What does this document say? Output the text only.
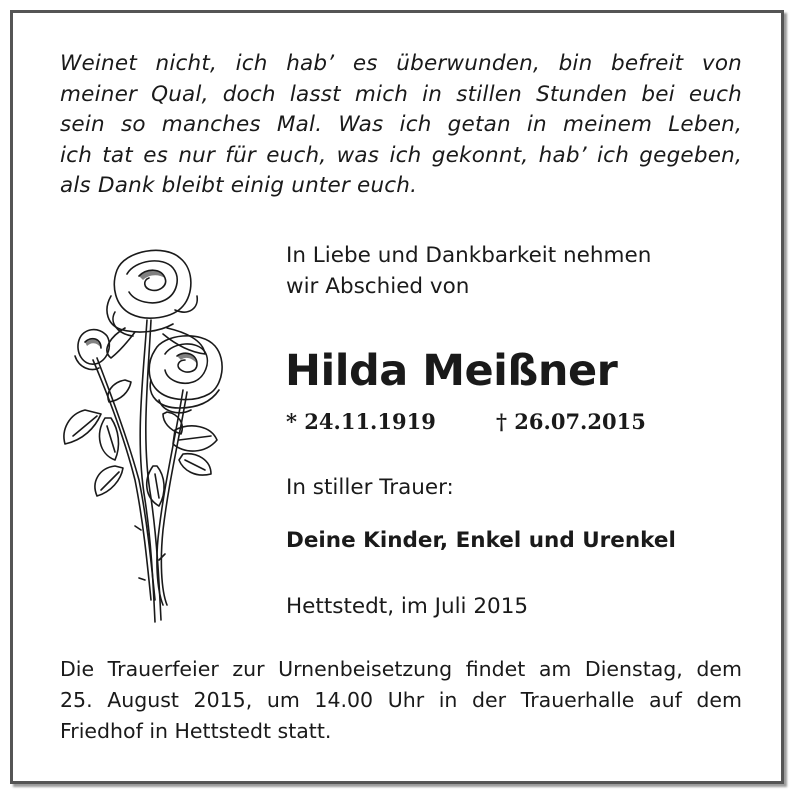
Weinet nicht, ich hab’ es überwunden, bin befreit von
meiner Qual, doch lasst mich in stillen Stunden bei euch
sein so manches Mal. Was ich getan in meinem Leben,
ich tat es nur für euch, was ich gekonnt, hab’ ich gegeben,
als Dank bleibt einig unter euch.
In Liebe und Dankbarkeit nehmen
wir Abschied von
Hilda Meißner
* 24.11.1919	† 26.07.2015
In stiller Trauer:
Deine Kinder, Enkel und Urenkel
Hettstedt, im Juli 2015
Die Trauerfeier zur Urnenbeisetzung findet am Dienstag, dem
25. August 2015, um 14.00 Uhr in der Trauerhalle auf dem
Friedhof in Hettstedt statt.
